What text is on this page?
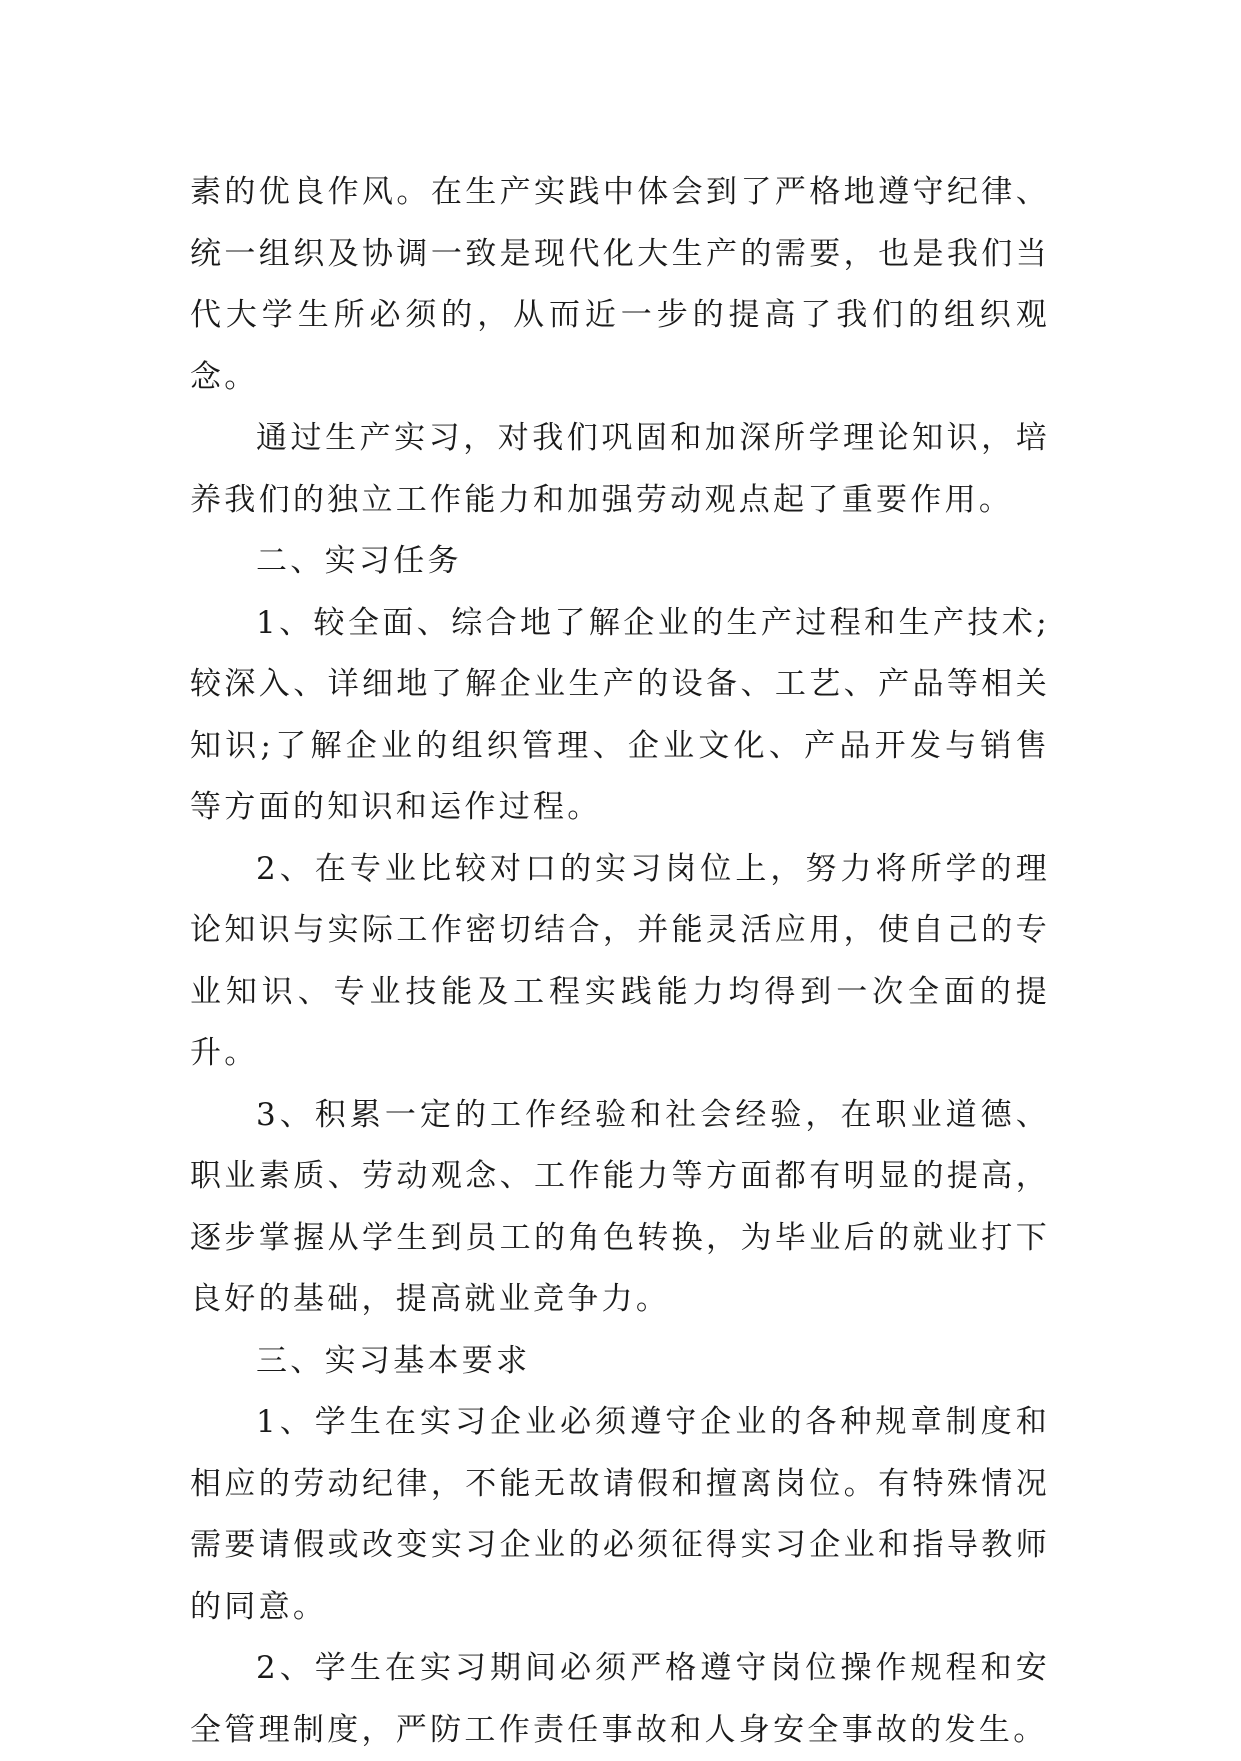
素的优良作风。在生产实践中体会到了严格地遵守纪律、统一组织及协调一致是现代化大生产的需要，也是我们当代大学生所必须的，从而近一步的提高了我们的组织观念。

通过生产实习，对我们巩固和加深所学理论知识，培养我们的独立工作能力和加强劳动观点起了重要作用。

二、实习任务

1、较全面、综合地了解企业的生产过程和生产技术;较深入、详细地了解企业生产的设备、工艺、产品等相关知识;了解企业的组织管理、企业文化、产品开发与销售等方面的知识和运作过程。

2、在专业比较对口的实习岗位上，努力将所学的理论知识与实际工作密切结合，并能灵活应用，使自己的专业知识、专业技能及工程实践能力均得到一次全面的提升。

3、积累一定的工作经验和社会经验，在职业道德、职业素质、劳动观念、工作能力等方面都有明显的提高，逐步掌握从学生到员工的角色转换，为毕业后的就业打下良好的基础，提高就业竞争力。

三、实习基本要求

1、学生在实习企业必须遵守企业的各种规章制度和相应的劳动纪律，不能无故请假和擅离岗位。有特殊情况需要请假或改变实习企业的必须征得实习企业和指导教师的同意。

2、学生在实习期间必须严格遵守岗位操作规程和安全管理制度，严防工作责任事故和人身安全事故的发生。
